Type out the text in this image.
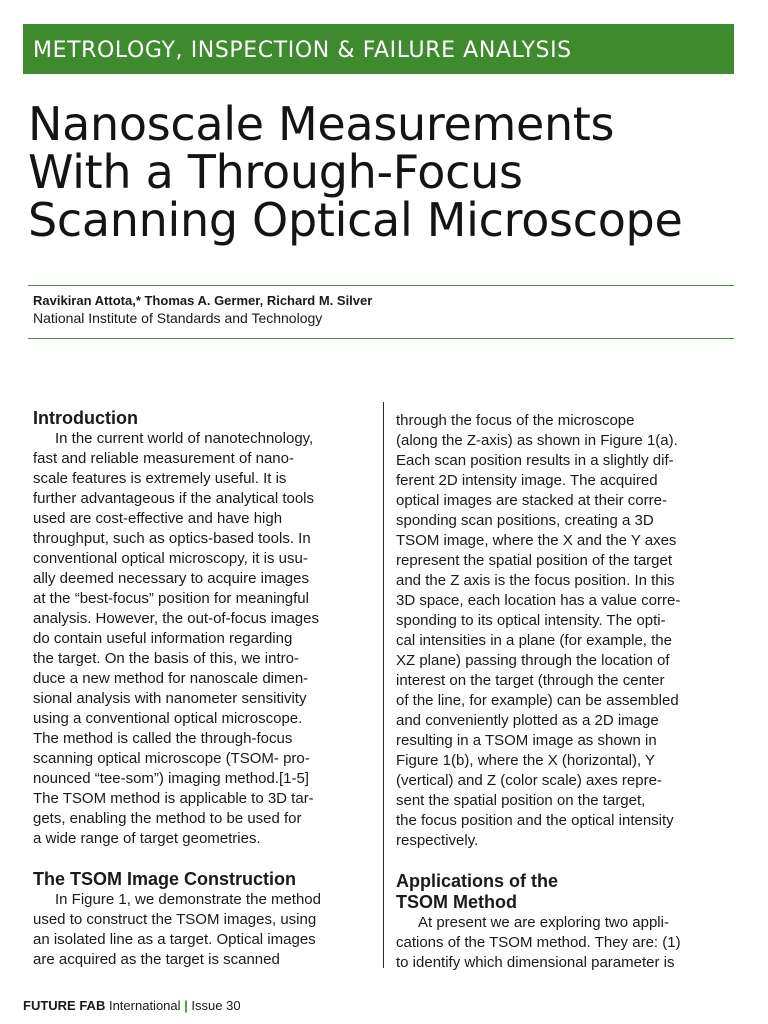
METROLOGY, INSPECTION & FAILURE ANALYSIS
Nanoscale Measurements
With a Through-Focus
Scanning Optical Microscope
Ravikiran Attota,* Thomas A. Germer, Richard M. Silver
National Institute of Standards and Technology
Introduction
In the current world of nanotechnology,
fast and reliable measurement of nano-
scale features is extremely useful. It is
further advantageous if the analytical tools
used are cost-effective and have high
throughput, such as optics-based tools. In
conventional optical microscopy, it is usu-
ally deemed necessary to acquire images
at the “best-focus” position for meaningful
analysis. However, the out-of-focus images
do contain useful information regarding
the target. On the basis of this, we intro-
duce a new method for nanoscale dimen-
sional analysis with nanometer sensitivity
using a conventional optical microscope.
The method is called the through-focus
scanning optical microscope (TSOM- pro-
nounced “tee-som”) imaging method.[1-5]
The TSOM method is applicable to 3D tar-
gets, enabling the method to be used for
a wide range of target geometries.
The TSOM Image Construction
In Figure 1, we demonstrate the method
used to construct the TSOM images, using
an isolated line as a target. Optical images
are acquired as the target is scanned
through the focus of the microscope
(along the Z-axis) as shown in Figure 1(a).
Each scan position results in a slightly dif-
ferent 2D intensity image. The acquired
optical images are stacked at their corre-
sponding scan positions, creating a 3D
TSOM image, where the X and the Y axes
represent the spatial position of the target
and the Z axis is the focus position. In this
3D space, each location has a value corre-
sponding to its optical intensity. The opti-
cal intensities in a plane (for example, the
XZ plane) passing through the location of
interest on the target (through the center
of the line, for example) can be assembled
and conveniently plotted as a 2D image
resulting in a TSOM image as shown in
Figure 1(b), where the X (horizontal), Y
(vertical) and Z (color scale) axes repre-
sent the spatial position on the target,
the focus position and the optical intensity
respectively.
Applications of the
TSOM Method
At present we are exploring two appli-
cations of the TSOM method. They are: (1)
to identify which dimensional parameter is
FUTURE FAB International | Issue 30
